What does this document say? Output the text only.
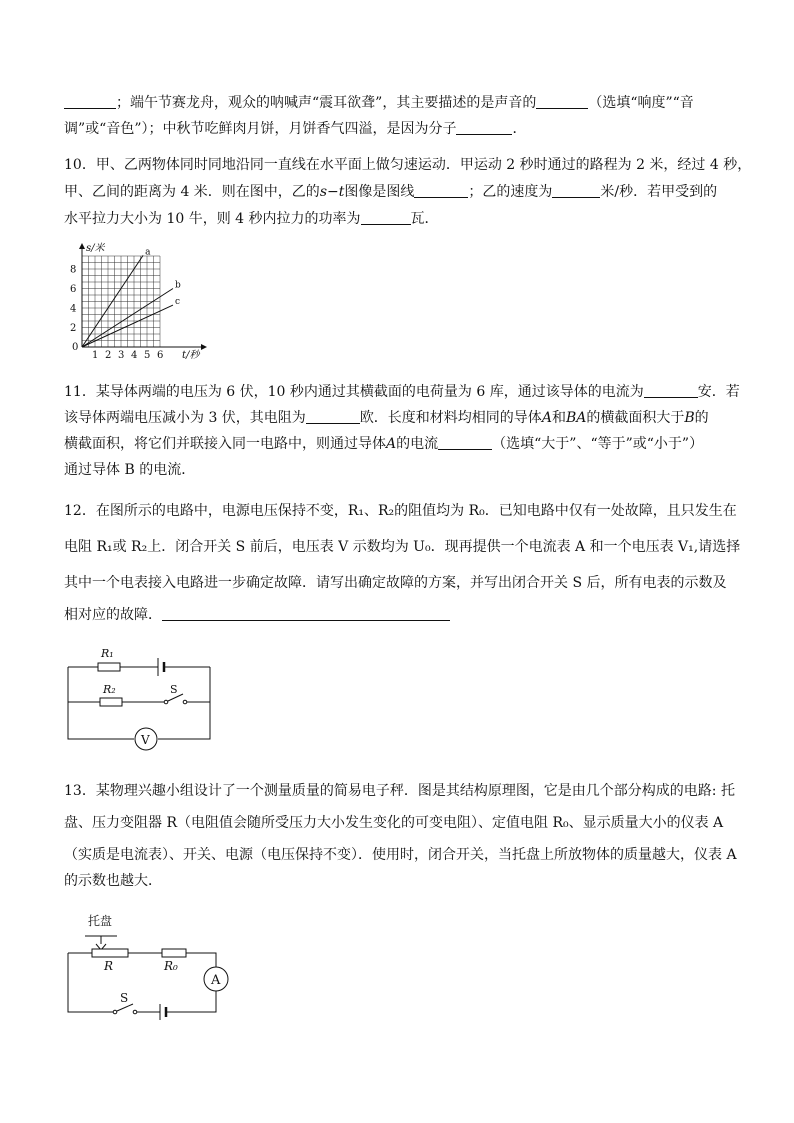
；端午节赛龙舟，观众的呐喊声“震耳欲聋”，其主要描述的是声音的	（选填“响度”“音
调”或“音色”）；中秋节吃鲜肉月饼，月饼香气四溢，是因为分子	．
10．甲、乙两物体同时同地沿同一直线在水平面上做匀速运动．甲运动 2 秒时通过的路程为 2 米，经过 4 秒，
甲、乙间的距离为 4 米．则在图中，乙的s−t图像是图线	；乙的速度为	米/秒．若甲受到的
水平拉力大小为 10 牛，则 4 秒内拉力的功率为	瓦．
a
b
c
1 2 3 4 5 6
2
4
6
8
s/米
t/秒
0
11．某导体两端的电压为 6 伏，10 秒内通过其横截面的电荷量为 6 库，通过该导体的电流为	安．若
该导体两端电压减小为 3 伏，其电阻为	欧．长度和材料均相同的导体A和BA的横截面积大于B的
横截面积，将它们并联接入同一电路中，则通过导体A的电流	（选填“大于”、“等于”或“小于”）
通过导体 B 的电流．
12．在图所示的电路中，电源电压保持不变，R₁、R₂的阻值均为 R₀．已知电路中仅有一处故障，且只发生在
电阻 R₁或 R₂上．闭合开关 S 前后，电压表 V 示数均为 U₀．现再提供一个电流表 A 和一个电压表 V₁,请选择
其中一个电表接入电路进一步确定故障．请写出确定故障的方案，并写出闭合开关 S 后，所有电表的示数及
相对应的故障．
V
R₁
R₂	S
13．某物理兴趣小组设计了一个测量质量的简易电子秤．图是其结构原理图，它是由几个部分构成的电路: 托
盘、压力变阻器 R（电阻值会随所受压力大小发生变化的可变电阻）、定值电阻 R₀、显示质量大小的仪表 A
（实质是电流表）、开关、电源（电压保持不变）．使用时，闭合开关，当托盘上所放物体的质量越大，仪表 A
的示数也越大．
托盘
A
R	R₀
S
